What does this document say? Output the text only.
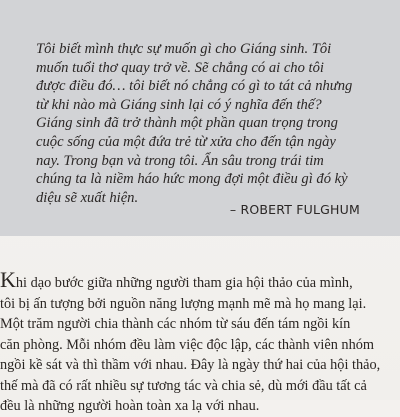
Tôi biết mình thực sự muốn gì cho Giáng sinh. Tôi muốn tuổi thơ quay trở về. Sẽ chẳng có ai cho tôi được điều đó… tôi biết nó chẳng có gì to tát cả nhưng từ khi nào mà Giáng sinh lại có ý nghĩa đến thế? Giáng sinh đã trở thành một phần quan trọng trong cuộc sống của một đứa trẻ từ xửa cho đến tận ngày nay. Trong bạn và trong tôi. Ẩn sâu trong trái tim chúng ta là niềm háo hức mong đợi một điều gì đó kỳ diệu sẽ xuất hiện.
– ROBERT FULGHUM
Khi dạo bước giữa những người tham gia hội thảo của mình,
tôi bị ấn tượng bởi nguồn năng lượng mạnh mẽ mà họ mang lại.
Một trăm người chia thành các nhóm từ sáu đến tám ngồi kín
căn phòng. Mỗi nhóm đều làm việc độc lập, các thành viên nhóm
ngồi kề sát và thì thầm với nhau. Đây là ngày thứ hai của hội thảo,
thế mà đã có rất nhiều sự tương tác và chia sẻ, dù mới đầu tất cả
đều là những người hoàn toàn xa lạ với nhau.
